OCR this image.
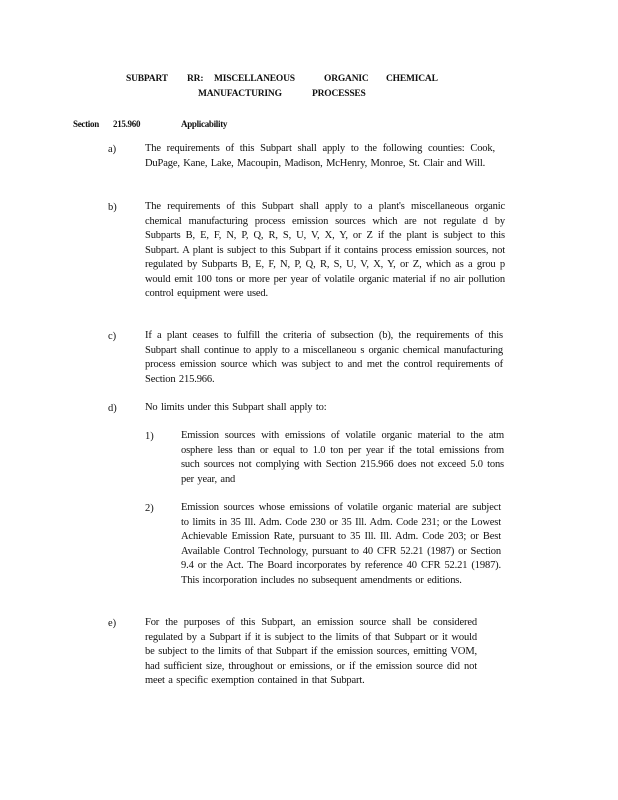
SUBPART RR: MISCELLANEOUS	ORGANIC CHEMICAL
MANUFACTURING	PROCESSES
Section 215.960	Applicability
a)	The requirements of this Subpart shall apply to the following counties: Cook, DuPage, Kane, Lake, Macoupin, Madison, McHenry, Monroe, St. Clair and Will.

b)	The requirements of this Subpart shall apply to a plant's miscellaneous organic chemical manufacturing process emission sources which are not regulate d by Subparts B, E, F, N, P, Q, R, S, U, V, X, Y, or Z if the plant is subject to this Subpart. A plant is subject to this Subpart if it contains process emission sources, not regulated by Subparts B, E, F, N, P, Q, R, S, U, V, X, Y, or Z, which as a grou p would emit 100 tons or more per year of volatile organic material if no air pollution control equipment were used.

c)	If a plant ceases to fulfill the criteria of subsection (b), the requirements of this Subpart shall continue to apply to a miscellaneou s organic chemical manufacturing process emission source which was subject to and met the control requirements of Section 215.966.

d)	No limits under this Subpart shall apply to:

1)	Emission sources with emissions of volatile organic material to the atm osphere less than or equal to 1.0 ton per year if the total emissions from such sources not complying with Section 215.966 does not exceed 5.0 tons per year, and

2)	Emission sources whose emissions of volatile organic material are subject to limits in 35 Ill. Adm. Code 230 or 35 Ill. Adm. Code 231; or the Lowest Achievable Emission Rate, pursuant to 35 Ill. Ill. Adm. Code 203; or Best Available Control Technology, pursuant to 40 CFR 52.21 (1987) or Section 9.4 or the Act. The Board incorporates by reference 40 CFR 52.21 (1987). This incorporation includes no subsequent amendments or editions.

e)	For the purposes of this Subpart, an emission source shall be considered regulated by a Subpart if it is subject to the limits of that Subpart or it would be subject to the limits of that Subpart if the emission sources, emitting VOM, had sufficient size, throughout or emissions, or if the emission source did not meet a specific exemption contained in that Subpart.
